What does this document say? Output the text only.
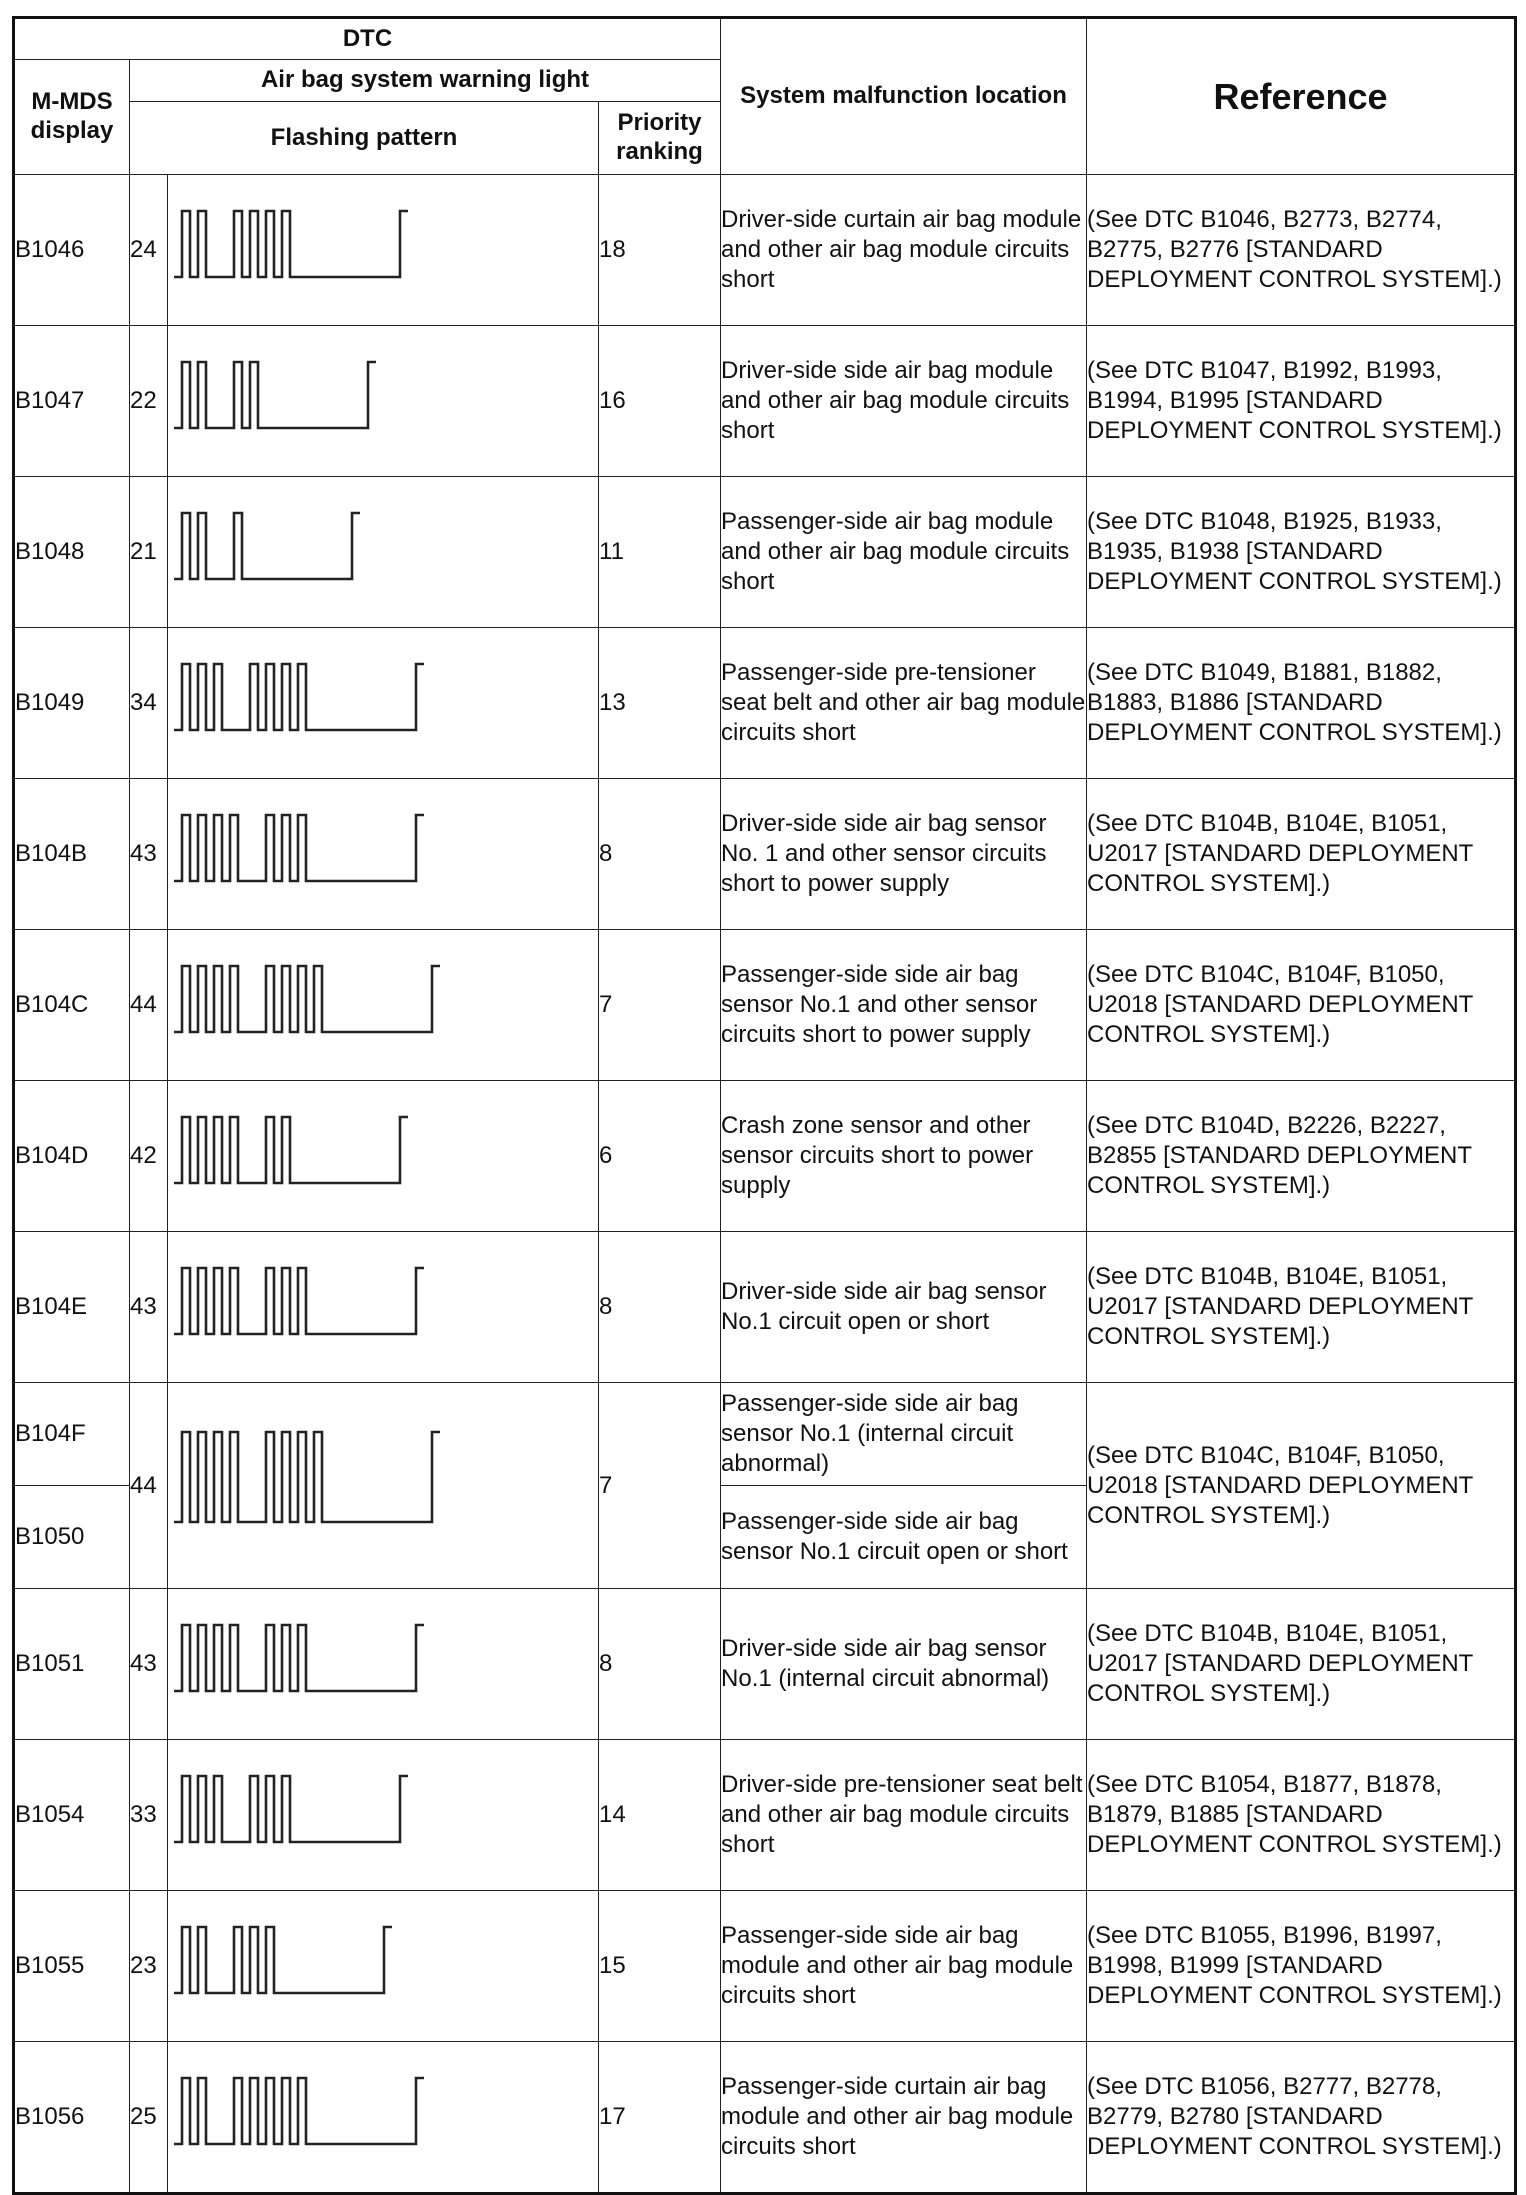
DTC				System malfunction location	Reference
M-MDS display	Air bag system warning light				
	Flashing pattern		Priority ranking		
B1046	24		18	Driver-side curtain air bag module and other air bag module circuits short	(See DTC B1046, B2773, B2774, B2775, B2776 [STANDARD DEPLOYMENT CONTROL SYSTEM].)
B1047	22		16	Driver-side side air bag module and other air bag module circuits short	(See DTC B1047, B1992, B1993, B1994, B1995 [STANDARD DEPLOYMENT CONTROL SYSTEM].)
B1048	21		11	Passenger-side air bag module and other air bag module circuits short	(See DTC B1048, B1925, B1933, B1935, B1938 [STANDARD DEPLOYMENT CONTROL SYSTEM].)
B1049	34		13	Passenger-side pre-tensioner seat belt and other air bag module circuits short	(See DTC B1049, B1881, B1882, B1883, B1886 [STANDARD DEPLOYMENT CONTROL SYSTEM].)
B104B	43		8	Driver-side side air bag sensor No. 1 and other sensor circuits short to power supply	(See DTC B104B, B104E, B1051, U2017 [STANDARD DEPLOYMENT CONTROL SYSTEM].)
B104C	44		7	Passenger-side side air bag sensor No.1 and other sensor circuits short to power supply	(See DTC B104C, B104F, B1050, U2018 [STANDARD DEPLOYMENT CONTROL SYSTEM].)
B104D	42		6	Crash zone sensor and other sensor circuits short to power supply	(See DTC B104D, B2226, B2227, B2855 [STANDARD DEPLOYMENT CONTROL SYSTEM].)
B104E	43		8	Driver-side side air bag sensor No.1 circuit open or short	(See DTC B104B, B104E, B1051, U2017 [STANDARD DEPLOYMENT CONTROL SYSTEM].)
B104F	44		7	Passenger-side side air bag sensor No.1 (internal circuit abnormal)	(See DTC B104C, B104F, B1050, U2018 [STANDARD DEPLOYMENT CONTROL SYSTEM].)
B1050				Passenger-side side air bag sensor No.1 circuit open or short	
B1051	43		8	Driver-side side air bag sensor No.1 (internal circuit abnormal)	(See DTC B104B, B104E, B1051, U2017 [STANDARD DEPLOYMENT CONTROL SYSTEM].)
B1054	33		14	Driver-side pre-tensioner seat belt and other air bag module circuits short	(See DTC B1054, B1877, B1878, B1879, B1885 [STANDARD DEPLOYMENT CONTROL SYSTEM].)
B1055	23		15	Passenger-side side air bag module and other air bag module circuits short	(See DTC B1055, B1996, B1997, B1998, B1999 [STANDARD DEPLOYMENT CONTROL SYSTEM].)
B1056	25		17	Passenger-side curtain air bag module and other air bag module circuits short	(See DTC B1056, B2777, B2778, B2779, B2780 [STANDARD DEPLOYMENT CONTROL SYSTEM].)
